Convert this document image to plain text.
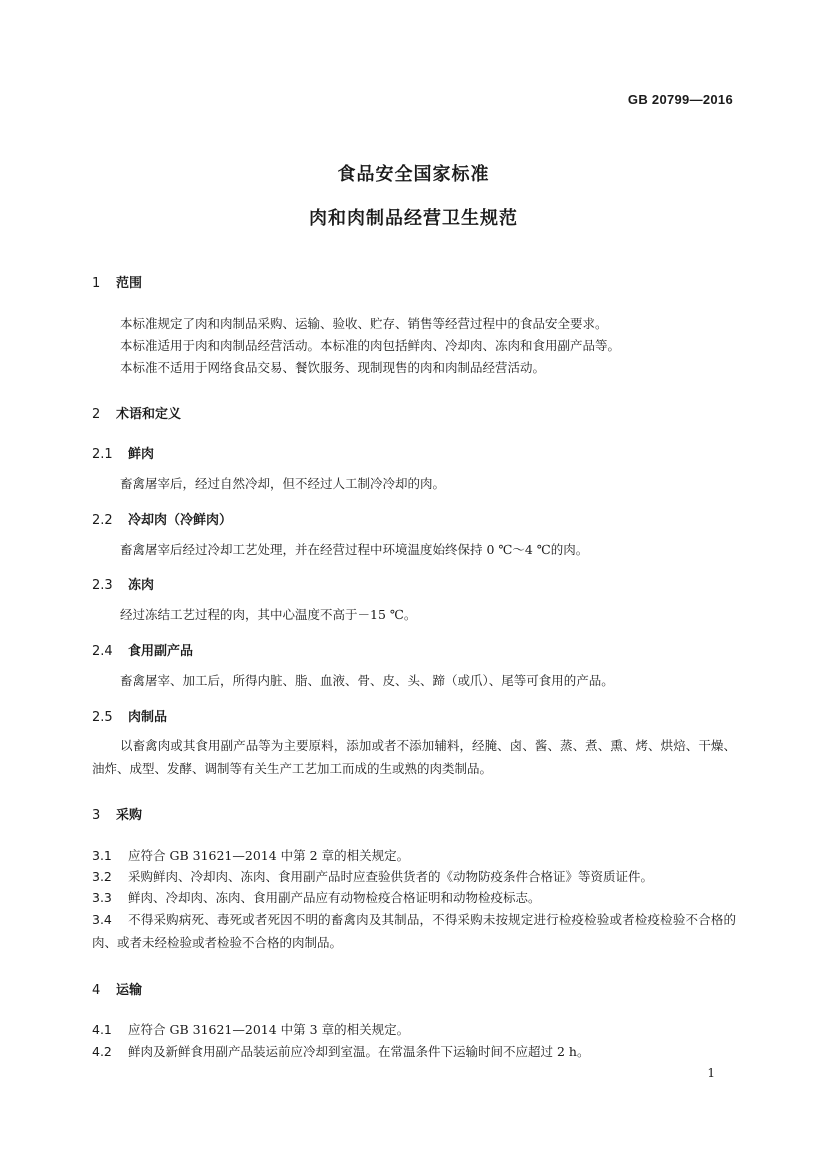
GB 20799—2016
食品安全国家标准
肉和肉制品经营卫生规范
1 范围
本标准规定了肉和肉制品采购、运输、验收、贮存、销售等经营过程中的食品安全要求。
本标准适用于肉和肉制品经营活动。本标准的肉包括鲜肉、冷却肉、冻肉和食用副产品等。
本标准不适用于网络食品交易、餐饮服务、现制现售的肉和肉制品经营活动。
2 术语和定义
2.1 鲜肉
畜禽屠宰后，经过自然冷却，但不经过人工制冷冷却的肉。
2.2 冷却肉（冷鲜肉）
畜禽屠宰后经过冷却工艺处理，并在经营过程中环境温度始终保持 0 ℃～4 ℃的肉。
2.3 冻肉
经过冻结工艺过程的肉，其中心温度不高于－15 ℃。
2.4 食用副产品
畜禽屠宰、加工后，所得内脏、脂、血液、骨、皮、头、蹄（或爪）、尾等可食用的产品。
2.5 肉制品
以畜禽肉或其食用副产品等为主要原料，添加或者不添加辅料，经腌、卤、酱、蒸、煮、熏、烤、烘焙、干燥、油炸、成型、发酵、调制等有关生产工艺加工而成的生或熟的肉类制品。
3 采购
3.1 应符合 GB 31621—2014 中第 2 章的相关规定。
3.2 采购鲜肉、冷却肉、冻肉、食用副产品时应查验供货者的《动物防疫条件合格证》等资质证件。
3.3 鲜肉、冷却肉、冻肉、食用副产品应有动物检疫合格证明和动物检疫标志。
3.4 不得采购病死、毒死或者死因不明的畜禽肉及其制品，不得采购未按规定进行检疫检验或者检疫检验不合格的肉、或者未经检验或者检验不合格的肉制品。
4 运输
4.1 应符合 GB 31621—2014 中第 3 章的相关规定。
4.2 鲜肉及新鲜食用副产品装运前应冷却到室温。在常温条件下运输时间不应超过 2 h。
1
